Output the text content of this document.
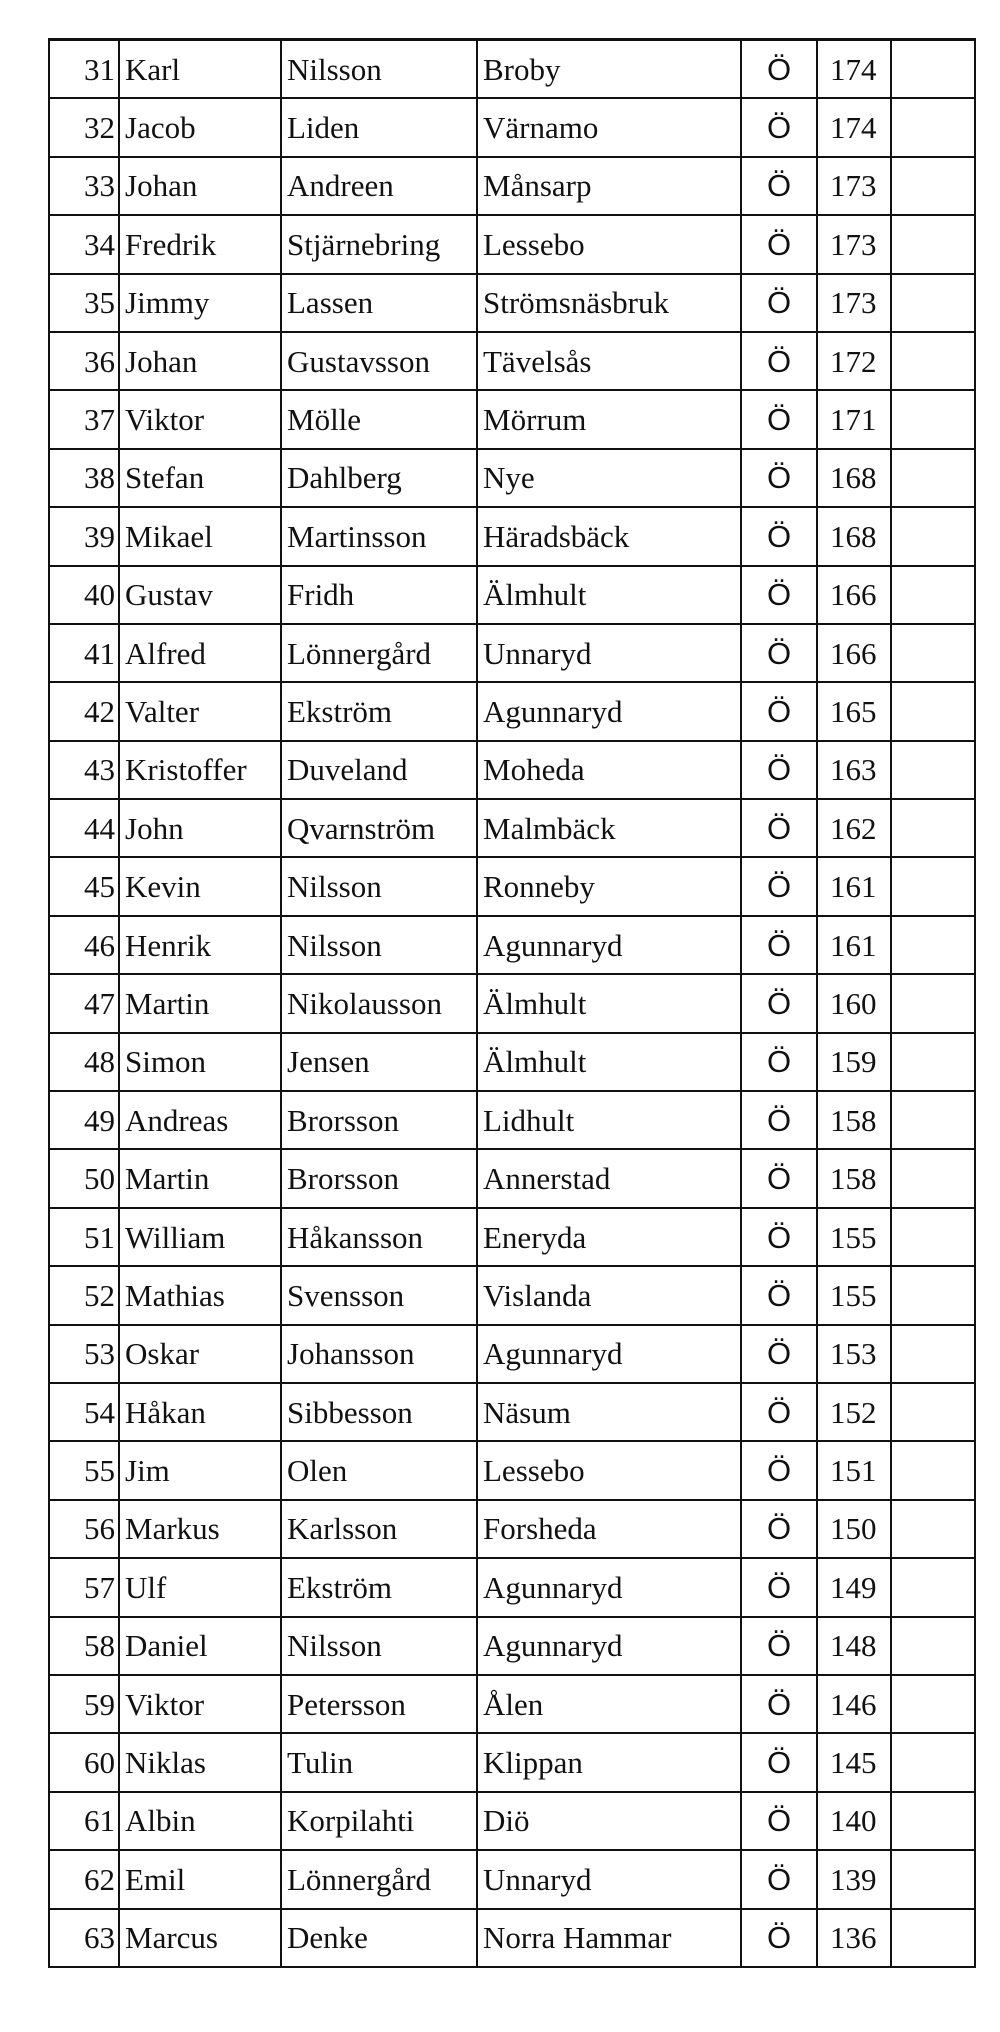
31	Karl	Nilsson	Broby	Ö	174	
32	Jacob	Liden	Värnamo	Ö	174	
33	Johan	Andreen	Månsarp	Ö	173	
34	Fredrik	Stjärnebring	Lessebo	Ö	173	
35	Jimmy	Lassen	Strömsnäsbruk	Ö	173	
36	Johan	Gustavsson	Tävelsås	Ö	172	
37	Viktor	Mölle	Mörrum	Ö	171	
38	Stefan	Dahlberg	Nye	Ö	168	
39	Mikael	Martinsson	Häradsbäck	Ö	168	
40	Gustav	Fridh	Älmhult	Ö	166	
41	Alfred	Lönnergård	Unnaryd	Ö	166	
42	Valter	Ekström	Agunnaryd	Ö	165	
43	Kristoffer	Duveland	Moheda	Ö	163	
44	John	Qvarnström	Malmbäck	Ö	162	
45	Kevin	Nilsson	Ronneby	Ö	161	
46	Henrik	Nilsson	Agunnaryd	Ö	161	
47	Martin	Nikolausson	Älmhult	Ö	160	
48	Simon	Jensen	Älmhult	Ö	159	
49	Andreas	Brorsson	Lidhult	Ö	158	
50	Martin	Brorsson	Annerstad	Ö	158	
51	William	Håkansson	Eneryda	Ö	155	
52	Mathias	Svensson	Vislanda	Ö	155	
53	Oskar	Johansson	Agunnaryd	Ö	153	
54	Håkan	Sibbesson	Näsum	Ö	152	
55	Jim	Olen	Lessebo	Ö	151	
56	Markus	Karlsson	Forsheda	Ö	150	
57	Ulf	Ekström	Agunnaryd	Ö	149	
58	Daniel	Nilsson	Agunnaryd	Ö	148	
59	Viktor	Petersson	Ålen	Ö	146	
60	Niklas	Tulin	Klippan	Ö	145	
61	Albin	Korpilahti	Diö	Ö	140	
62	Emil	Lönnergård	Unnaryd	Ö	139	
63	Marcus	Denke	Norra Hammar	Ö	136	
